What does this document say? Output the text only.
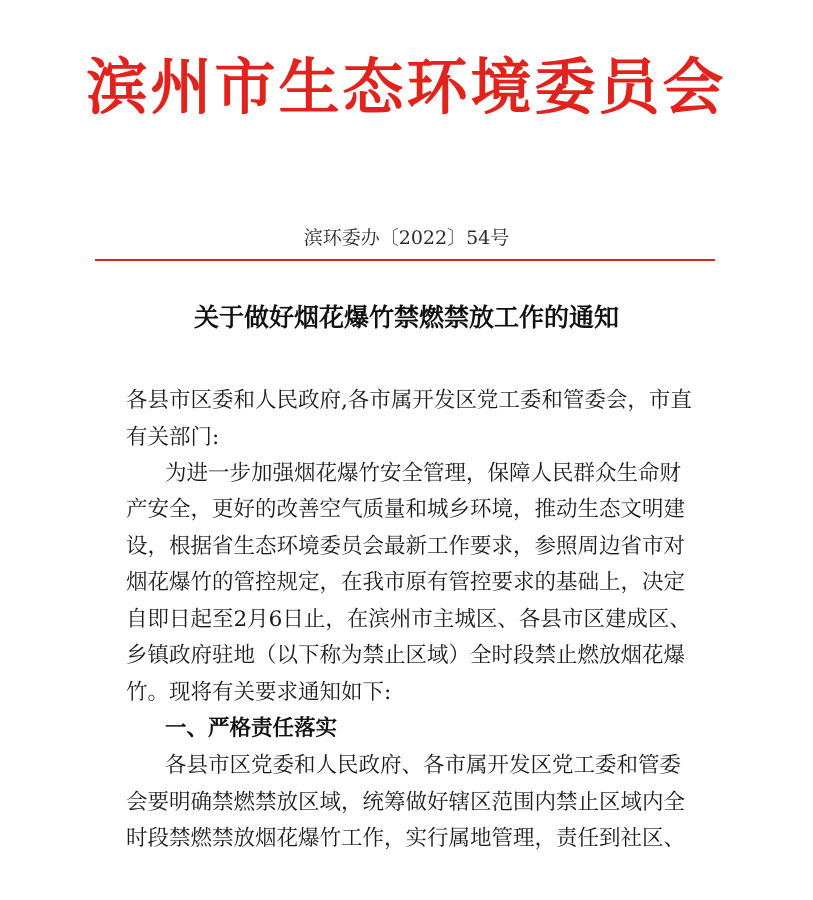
滨州市生态环境委员会
滨环委办〔2022〕54号
关于做好烟花爆竹禁燃禁放工作的通知
各县市区委和人民政府,各市属开发区党工委和管委会，市直
有关部门:
为进一步加强烟花爆竹安全管理，保障人民群众生命财
产安全，更好的改善空气质量和城乡环境，推动生态文明建
设，根据省生态环境委员会最新工作要求，参照周边省市对
烟花爆竹的管控规定，在我市原有管控要求的基础上，决定
自即日起至2月6日止，在滨州市主城区、各县市区建成区、
乡镇政府驻地（以下称为禁止区域）全时段禁止燃放烟花爆
竹。现将有关要求通知如下:
一、严格责任落实
各县市区党委和人民政府、各市属开发区党工委和管委
会要明确禁燃禁放区域，统筹做好辖区范围内禁止区域内全
时段禁燃禁放烟花爆竹工作，实行属地管理，责任到社区、
